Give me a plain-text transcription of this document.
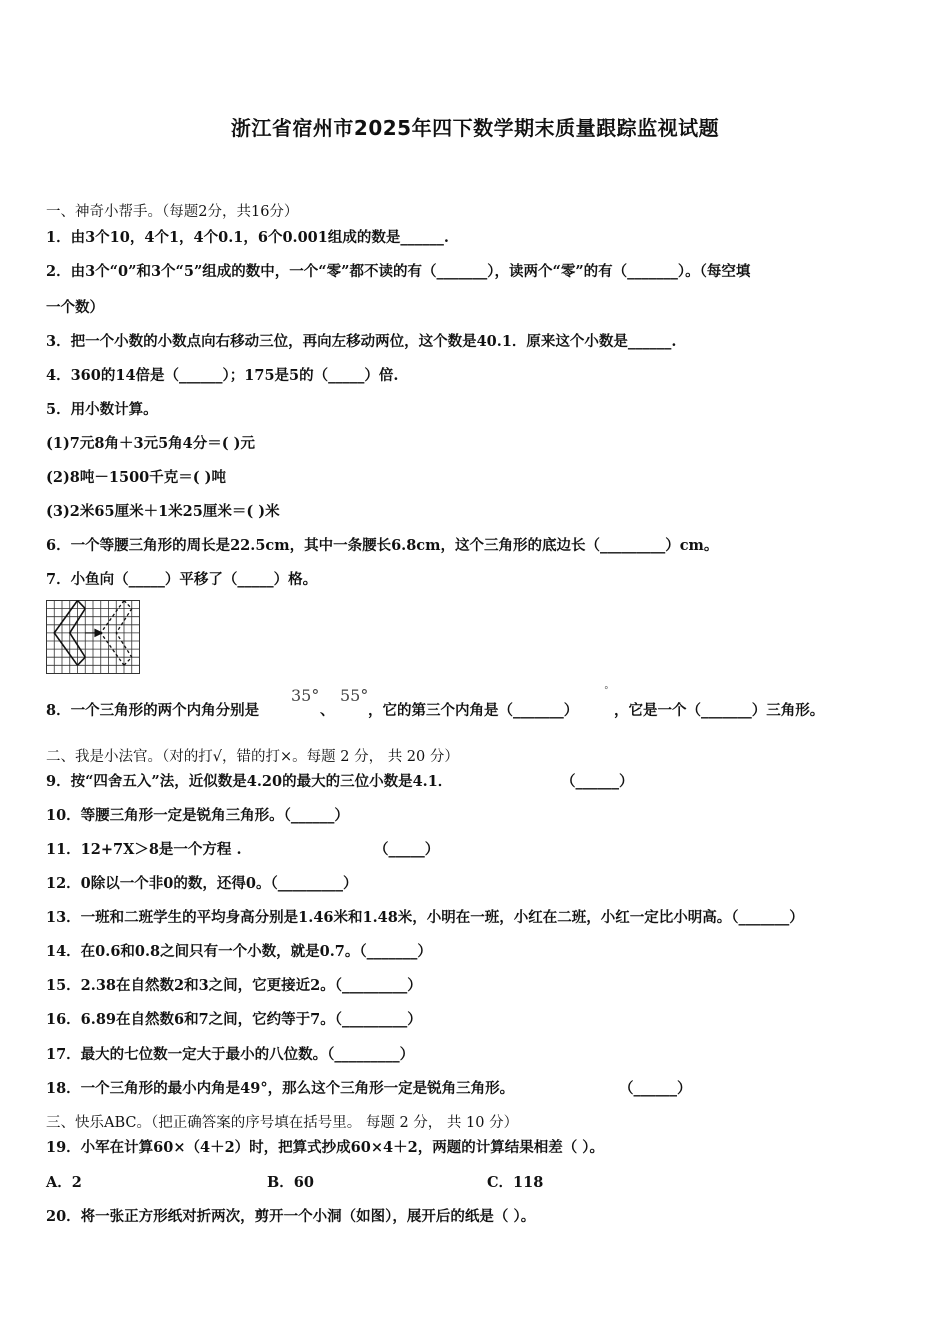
浙江省宿州市2025年四下数学期末质量跟踪监视试题
一、神奇小帮手。（每题2分，共16分）
1．由3个10，4个1，4个0.1，6个0.001组成的数是______.
2．由3个“0”和3个“5”组成的数中，一个“零”都不读的有（_______），读两个“零”的有（_______）。（每空填
一个数）
3．把一个小数的小数点向右移动三位，再向左移动两位，这个数是40.1．原来这个小数是______.
4．360的14倍是（______）；175是5的（_____）倍.
5．用小数计算。
(1)7元8角＋3元5角4分＝( )元
(2)8吨－1500千克＝( )吨
(3)2米65厘米＋1米25厘米＝( )米
6．一个等腰三角形的周长是22.5cm，其中一条腰长6.8cm，这个三角形的底边长（_________）cm。
7．小鱼向（_____）平移了（_____）格。
8．一个三角形的两个内角分别是
35°
、
55°
，它的第三个内角是（_______）
°
，它是一个（_______）三角形。
二、我是小法官。（对的打√，错的打×。每题 2 分， 共 20 分）
9．按“四舍五入”法，近似数是4.20的最大的三位小数是4.1．	（______）
10．等腰三角形一定是锐角三角形。（______）
11．12+7X＞8是一个方程 .	（_____）
12．0除以一个非0的数，还得0。（_________）
13．一班和二班学生的平均身高分别是1.46米和1.48米，小明在一班，小红在二班，小红一定比小明高。（_______）
14．在0.6和0.8之间只有一个小数，就是0.7。（_______）
15．2.38在自然数2和3之间，它更接近2。（_________）
16．6.89在自然数6和7之间，它约等于7。（_________）
17．最大的七位数一定大于最小的八位数。（_________）
18．一个三角形的最小内角是49°，那么这个三角形一定是锐角三角形。	（______）
三、快乐ABC。（把正确答案的序号填在括号里。 每题 2 分， 共 10 分）
19．小军在计算60×（4＋2）时，把算式抄成60×4＋2，两题的计算结果相差（ ）。
A．2	B．60	C．118
20．将一张正方形纸对折两次，剪开一个小洞（如图），展开后的纸是（ ）。
